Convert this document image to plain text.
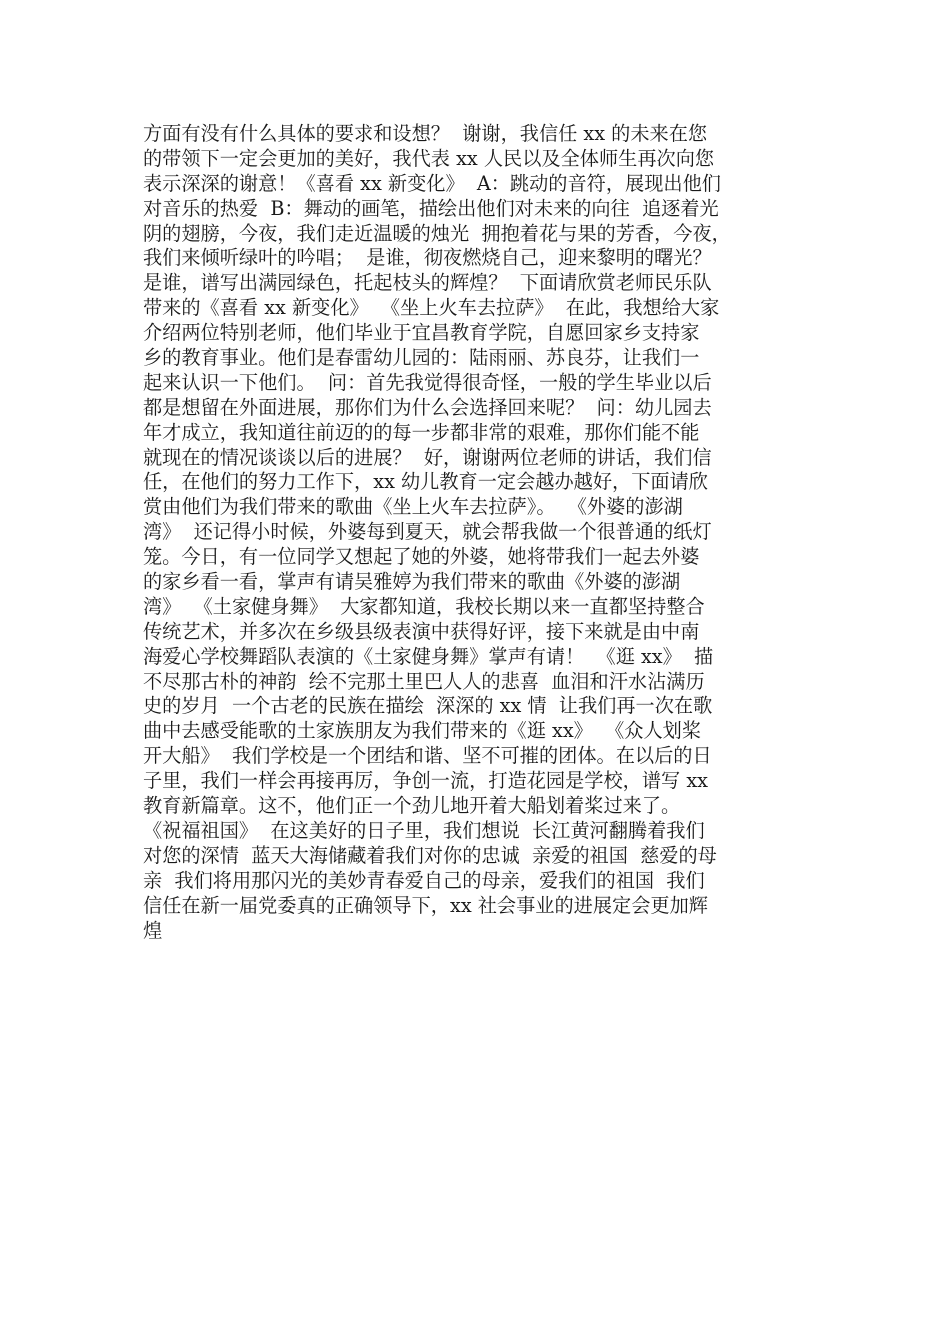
方面有没有什么具体的要求和设想？  谢谢，我信任 xx 的未来在您
的带领下一定会更加的美好，我代表 xx 人民以及全体师生再次向您
表示深深的谢意！《喜看 xx 新变化》  A：跳动的音符，展现出他们
对音乐的热爱  B：舞动的画笔，描绘出他们对未来的向往  追逐着光
阴的翅膀，今夜，我们走近温暖的烛光  拥抱着花与果的芳香，今夜，
我们来倾听绿叶的吟唱；  是谁，彻夜燃烧自己，迎来黎明的曙光？
是谁，谱写出满园绿色，托起枝头的辉煌？  下面请欣赏老师民乐队
带来的《喜看 xx 新变化》  《坐上火车去拉萨》  在此，我想给大家
介绍两位特别老师，他们毕业于宜昌教育学院，自愿回家乡支持家
乡的教育事业。他们是春雷幼儿园的：陆雨丽、苏良芬，让我们一
起来认识一下他们。  问：首先我觉得很奇怪，一般的学生毕业以后
都是想留在外面进展，那你们为什么会选择回来呢？  问：幼儿园去
年才成立，我知道往前迈的的每一步都非常的艰难，那你们能不能
就现在的情况谈谈以后的进展？  好，谢谢两位老师的讲话，我们信
任，在他们的努力工作下，xx 幼儿教育一定会越办越好，下面请欣
赏由他们为我们带来的歌曲《坐上火车去拉萨》。  《外婆的澎湖
湾》  还记得小时候，外婆每到夏天，就会帮我做一个很普通的纸灯
笼。今日，有一位同学又想起了她的外婆，她将带我们一起去外婆
的家乡看一看，掌声有请吴雅婷为我们带来的歌曲《外婆的澎湖
湾》  《土家健身舞》  大家都知道，我校长期以来一直都坚持整合
传统艺术，并多次在乡级县级表演中获得好评，接下来就是由中南
海爱心学校舞蹈队表演的《土家健身舞》掌声有请！  《逛 xx》  描
不尽那古朴的神韵  绘不完那土里巴人人的悲喜  血泪和汗水沾满历
史的岁月  一个古老的民族在描绘  深深的 xx 情  让我们再一次在歌
曲中去感受能歌的土家族朋友为我们带来的《逛 xx》  《众人划桨
开大船》  我们学校是一个团结和谐、坚不可摧的团体。在以后的日
子里，我们一样会再接再厉，争创一流，打造花园是学校，谱写 xx
教育新篇章。这不，他们正一个劲儿地开着大船划着桨过来了。
《祝福祖国》  在这美好的日子里，我们想说  长江黄河翻腾着我们
对您的深情  蓝天大海储藏着我们对你的忠诚  亲爱的祖国  慈爱的母
亲  我们将用那闪光的美妙青春爱自己的母亲，爱我们的祖国  我们
信任在新一届党委真的正确领导下，xx 社会事业的进展定会更加辉
煌
